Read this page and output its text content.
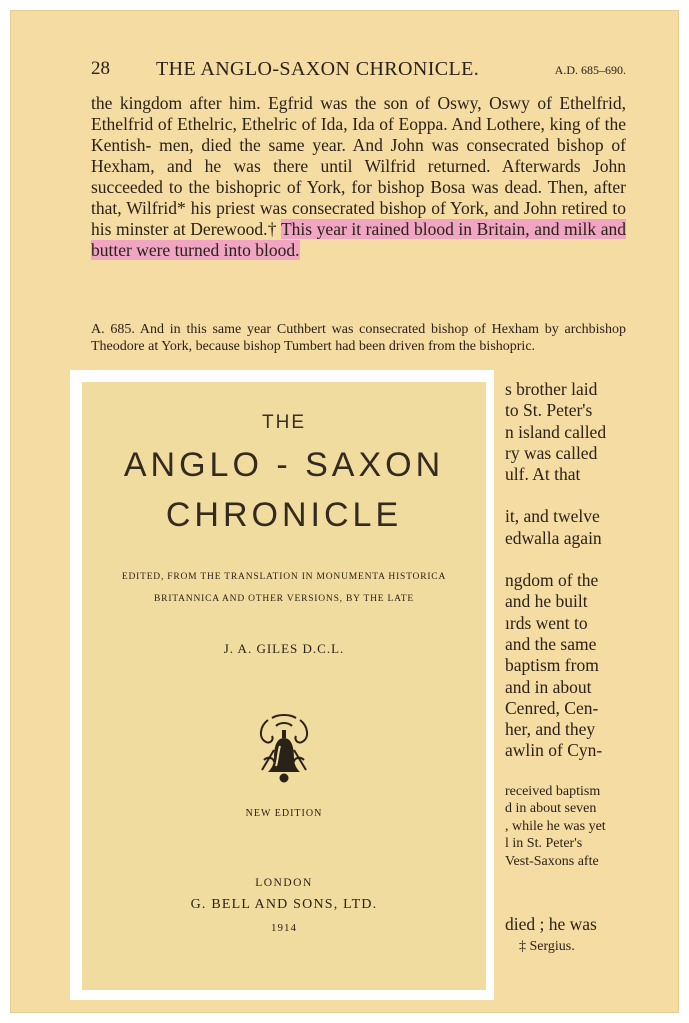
28 THE ANGLO-SAXON CHRONICLE.	A.D. 685–690.
the kingdom after him. Egfrid was the son of Oswy, Oswy of Ethelfrid, Ethelfrid of Ethelric, Ethelric of Ida, Ida of Eoppa. And Lothere, king of the Kentish- men, died the same year. And John was consecrated bishop of Hexham, and he was there until Wilfrid returned. Afterwards John succeeded to the bishopric of York, for bishop Bosa was dead. Then, after that, Wilfrid* his priest was consecrated bishop of York, and John retired to his minster at Derewood.† This year it rained blood in Britain, and milk and butter were turned into blood.
A. 685. And in this same year Cuthbert was consecrated bishop of Hexham by archbishop Theodore at York, because bishop Tumbert had been driven from the bishopric.
s brother laid
to St. Peter's
n island called
ry was called
ulf. At that
it, and twelve
edwalla again
ngdom of the
and he built
ırds went to
and the same
baptism from
and in about
Cenred, Cen-
her, and they
awlin of Cyn-
received baptism
d in about seven
, while he was yet
l in St. Peter's
Vest-Saxons afte
died ; he was
‡ Sergius.
THE
ANGLO - SAXON
CHRONICLE
EDITED, FROM THE TRANSLATION IN MONUMENTA HISTORICA
BRITANNICA AND OTHER VERSIONS, BY THE LATE
J. A. GILES D.C.L.
NEW EDITION
LONDON
G. BELL AND SONS, LTD.
1914
